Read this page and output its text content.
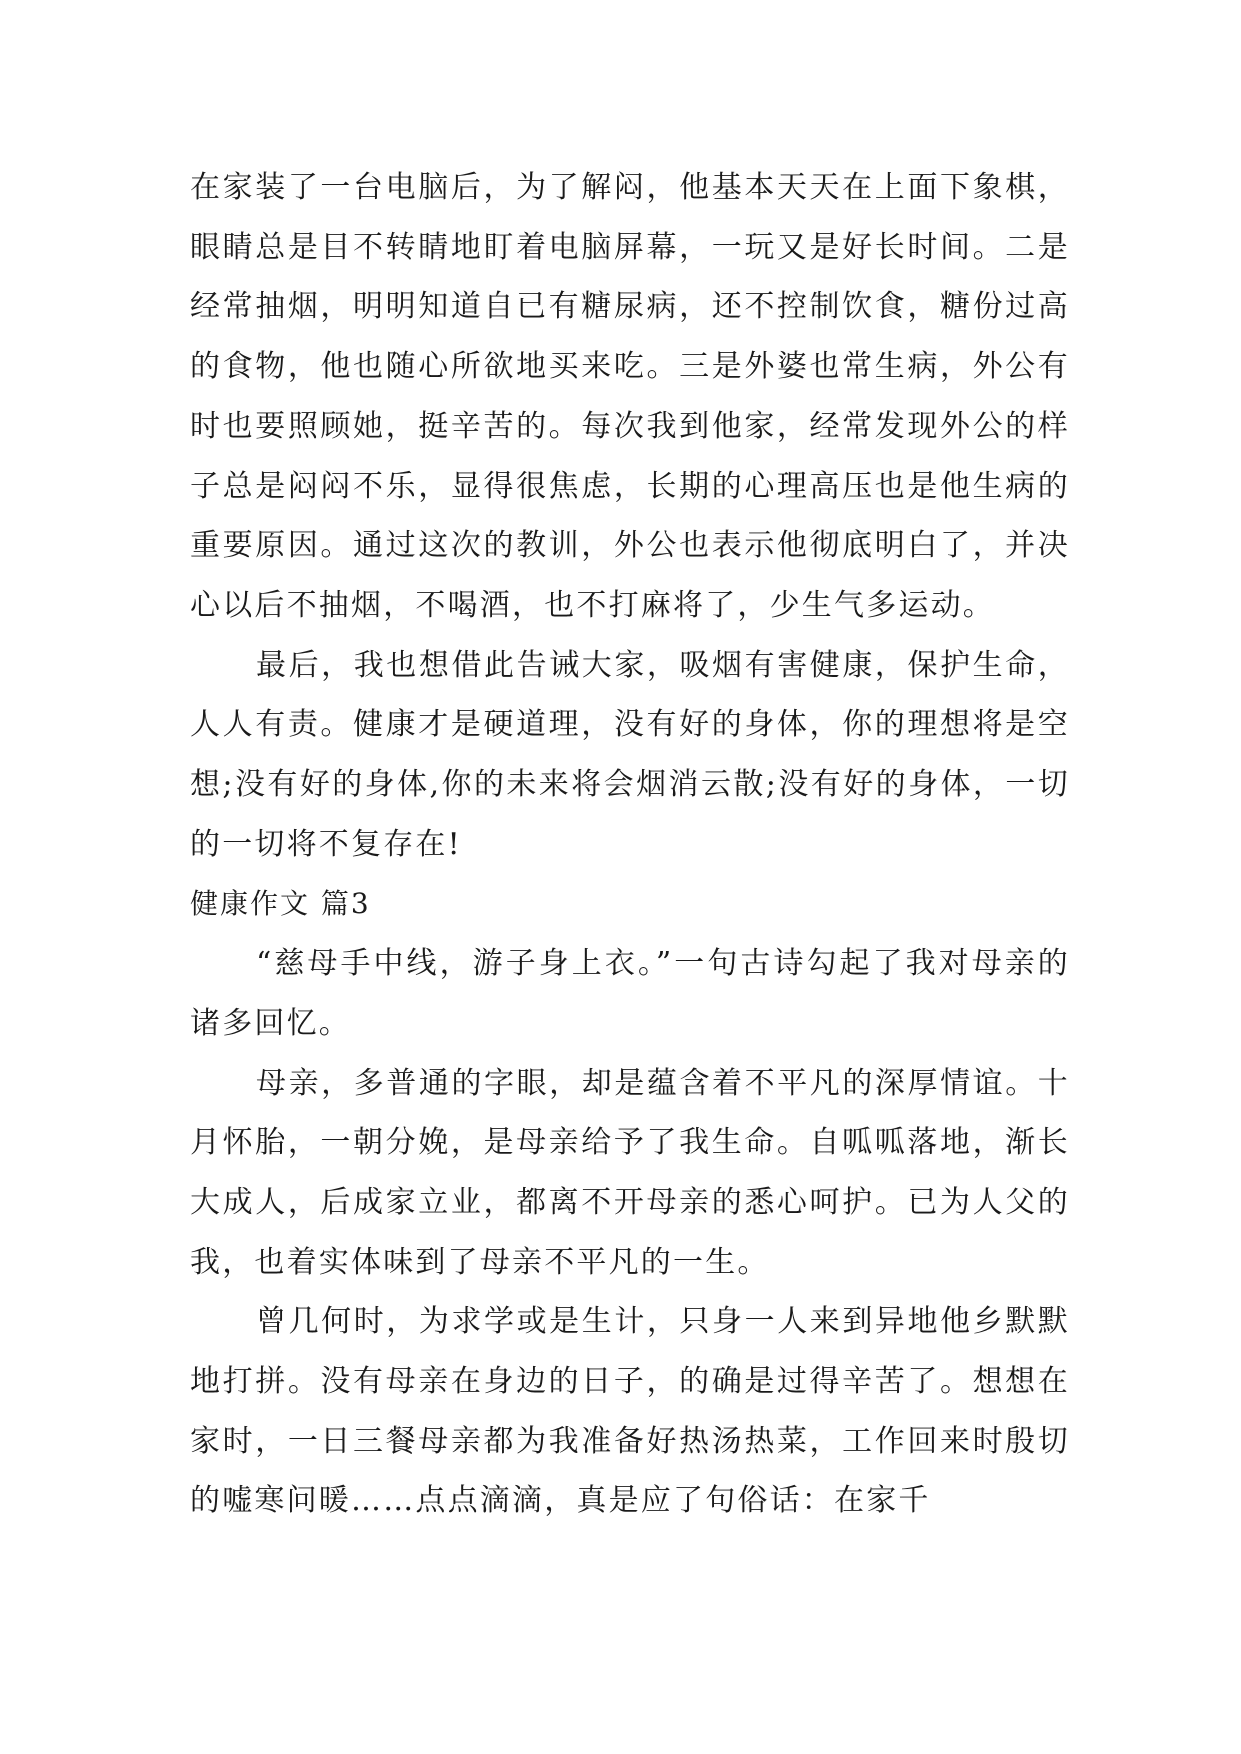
在家装了一台电脑后，为了解闷，他基本天天在上面下象棋，眼睛总是目不转睛地盯着电脑屏幕，一玩又是好长时间。二是经常抽烟，明明知道自已有糖尿病，还不控制饮食，糖份过高的食物，他也随心所欲地买来吃。三是外婆也常生病，外公有时也要照顾她，挺辛苦的。每次我到他家，经常发现外公的样子总是闷闷不乐，显得很焦虑，长期的心理高压也是他生病的重要原因。通过这次的教训，外公也表示他彻底明白了，并决心以后不抽烟，不喝酒，也不打麻将了，少生气多运动。

最后，我也想借此告诫大家，吸烟有害健康，保护生命，人人有责。健康才是硬道理，没有好的身体，你的理想将是空想;没有好的身体,你的未来将会烟消云散;没有好的身体，一切的一切将不复存在!

健康作文 篇3

“慈母手中线，游子身上衣。”一句古诗勾起了我对母亲的诸多回忆。

母亲，多普通的字眼，却是蕴含着不平凡的深厚情谊。十月怀胎，一朝分娩，是母亲给予了我生命。自呱呱落地，渐长大成人，后成家立业，都离不开母亲的悉心呵护。已为人父的我，也着实体味到了母亲不平凡的一生。

曾几何时，为求学或是生计，只身一人来到异地他乡默默地打拼。没有母亲在身边的日子，的确是过得辛苦了。想想在家时，一日三餐母亲都为我准备好热汤热菜，工作回来时殷切的嘘寒问暖……点点滴滴，真是应了句俗话：在家千
